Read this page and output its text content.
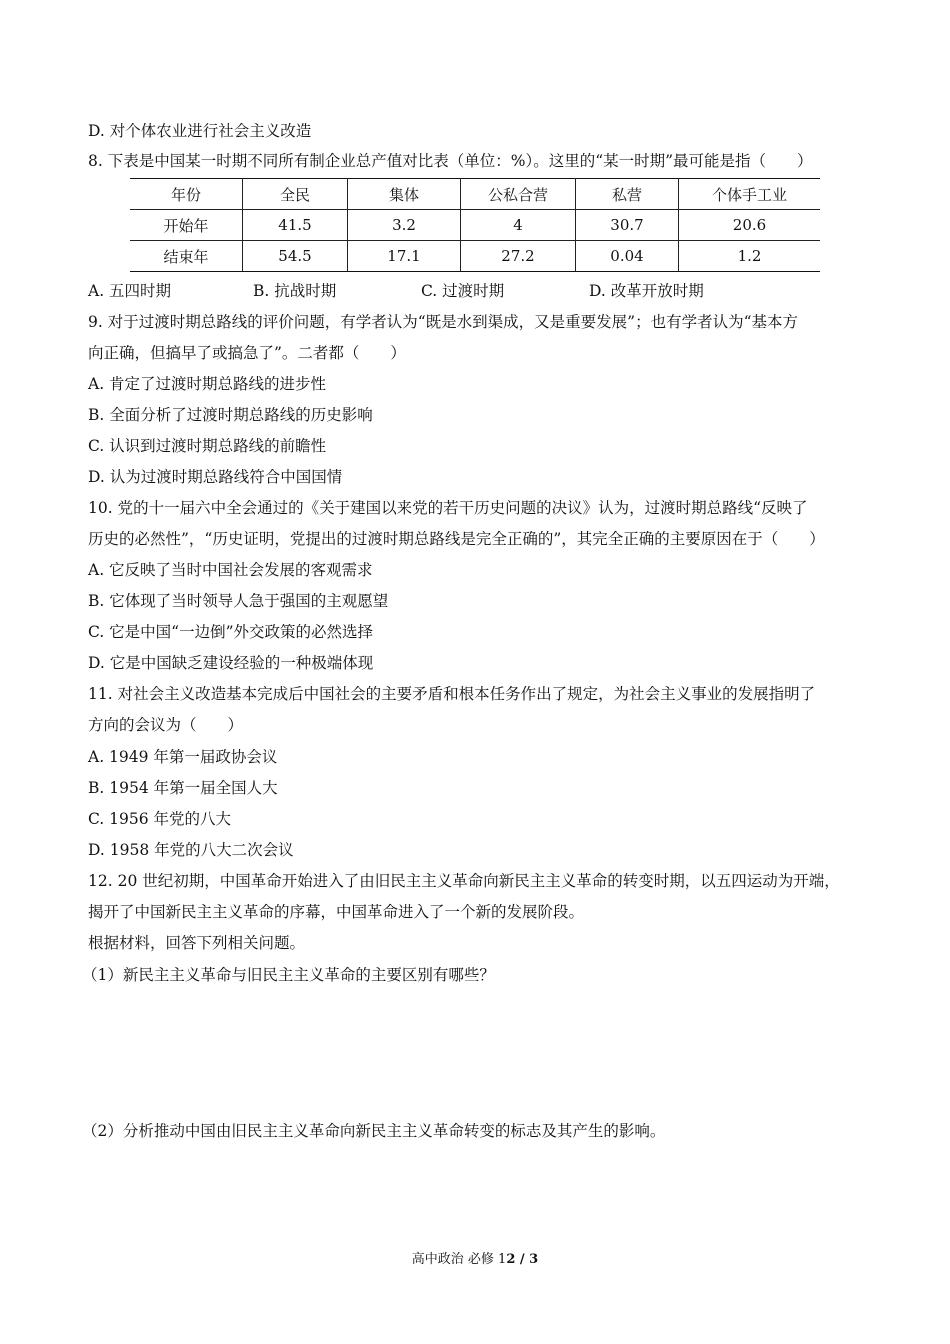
D. 对个体农业进行社会主义改造
8. 下表是中国某一时期不同所有制企业总产值对比表（单位：%）。这里的“某一时期”最可能是指（　　）
年份	全民	集体	公私合营	私营	个体手工业
开始年	41.5	3.2	4	30.7	20.6
结束年	54.5	17.1	27.2	0.04	1.2
A. 五四时期	B. 抗战时期	C. 过渡时期	D. 改革开放时期
9. 对于过渡时期总路线的评价问题，有学者认为“既是水到渠成，又是重要发展”；也有学者认为“基本方
向正确，但搞早了或搞急了”。二者都（　　）
A. 肯定了过渡时期总路线的进步性
B. 全面分析了过渡时期总路线的历史影响
C. 认识到过渡时期总路线的前瞻性
D. 认为过渡时期总路线符合中国国情
10. 党的十一届六中全会通过的《关于建国以来党的若干历史问题的决议》认为，过渡时期总路线“反映了
历史的必然性”，“历史证明，党提出的过渡时期总路线是完全正确的”，其完全正确的主要原因在于（　　）
A. 它反映了当时中国社会发展的客观需求
B. 它体现了当时领导人急于强国的主观愿望
C. 它是中国“一边倒”外交政策的必然选择
D. 它是中国缺乏建设经验的一种极端体现
11. 对社会主义改造基本完成后中国社会的主要矛盾和根本任务作出了规定，为社会主义事业的发展指明了
方向的会议为（　　）
A. 1949 年第一届政协会议
B. 1954 年第一届全国人大
C. 1956 年党的八大
D. 1958 年党的八大二次会议
12. 20 世纪初期，中国革命开始进入了由旧民主主义革命向新民主主义革命的转变时期，以五四运动为开端，
揭开了中国新民主主义革命的序幕，中国革命进入了一个新的发展阶段。
根据材料，回答下列相关问题。
（1）新民主主义革命与旧民主主义革命的主要区别有哪些？
（2）分析推动中国由旧民主主义革命向新民主主义革命转变的标志及其产生的影响。
高中政治 必修 12 / 3
